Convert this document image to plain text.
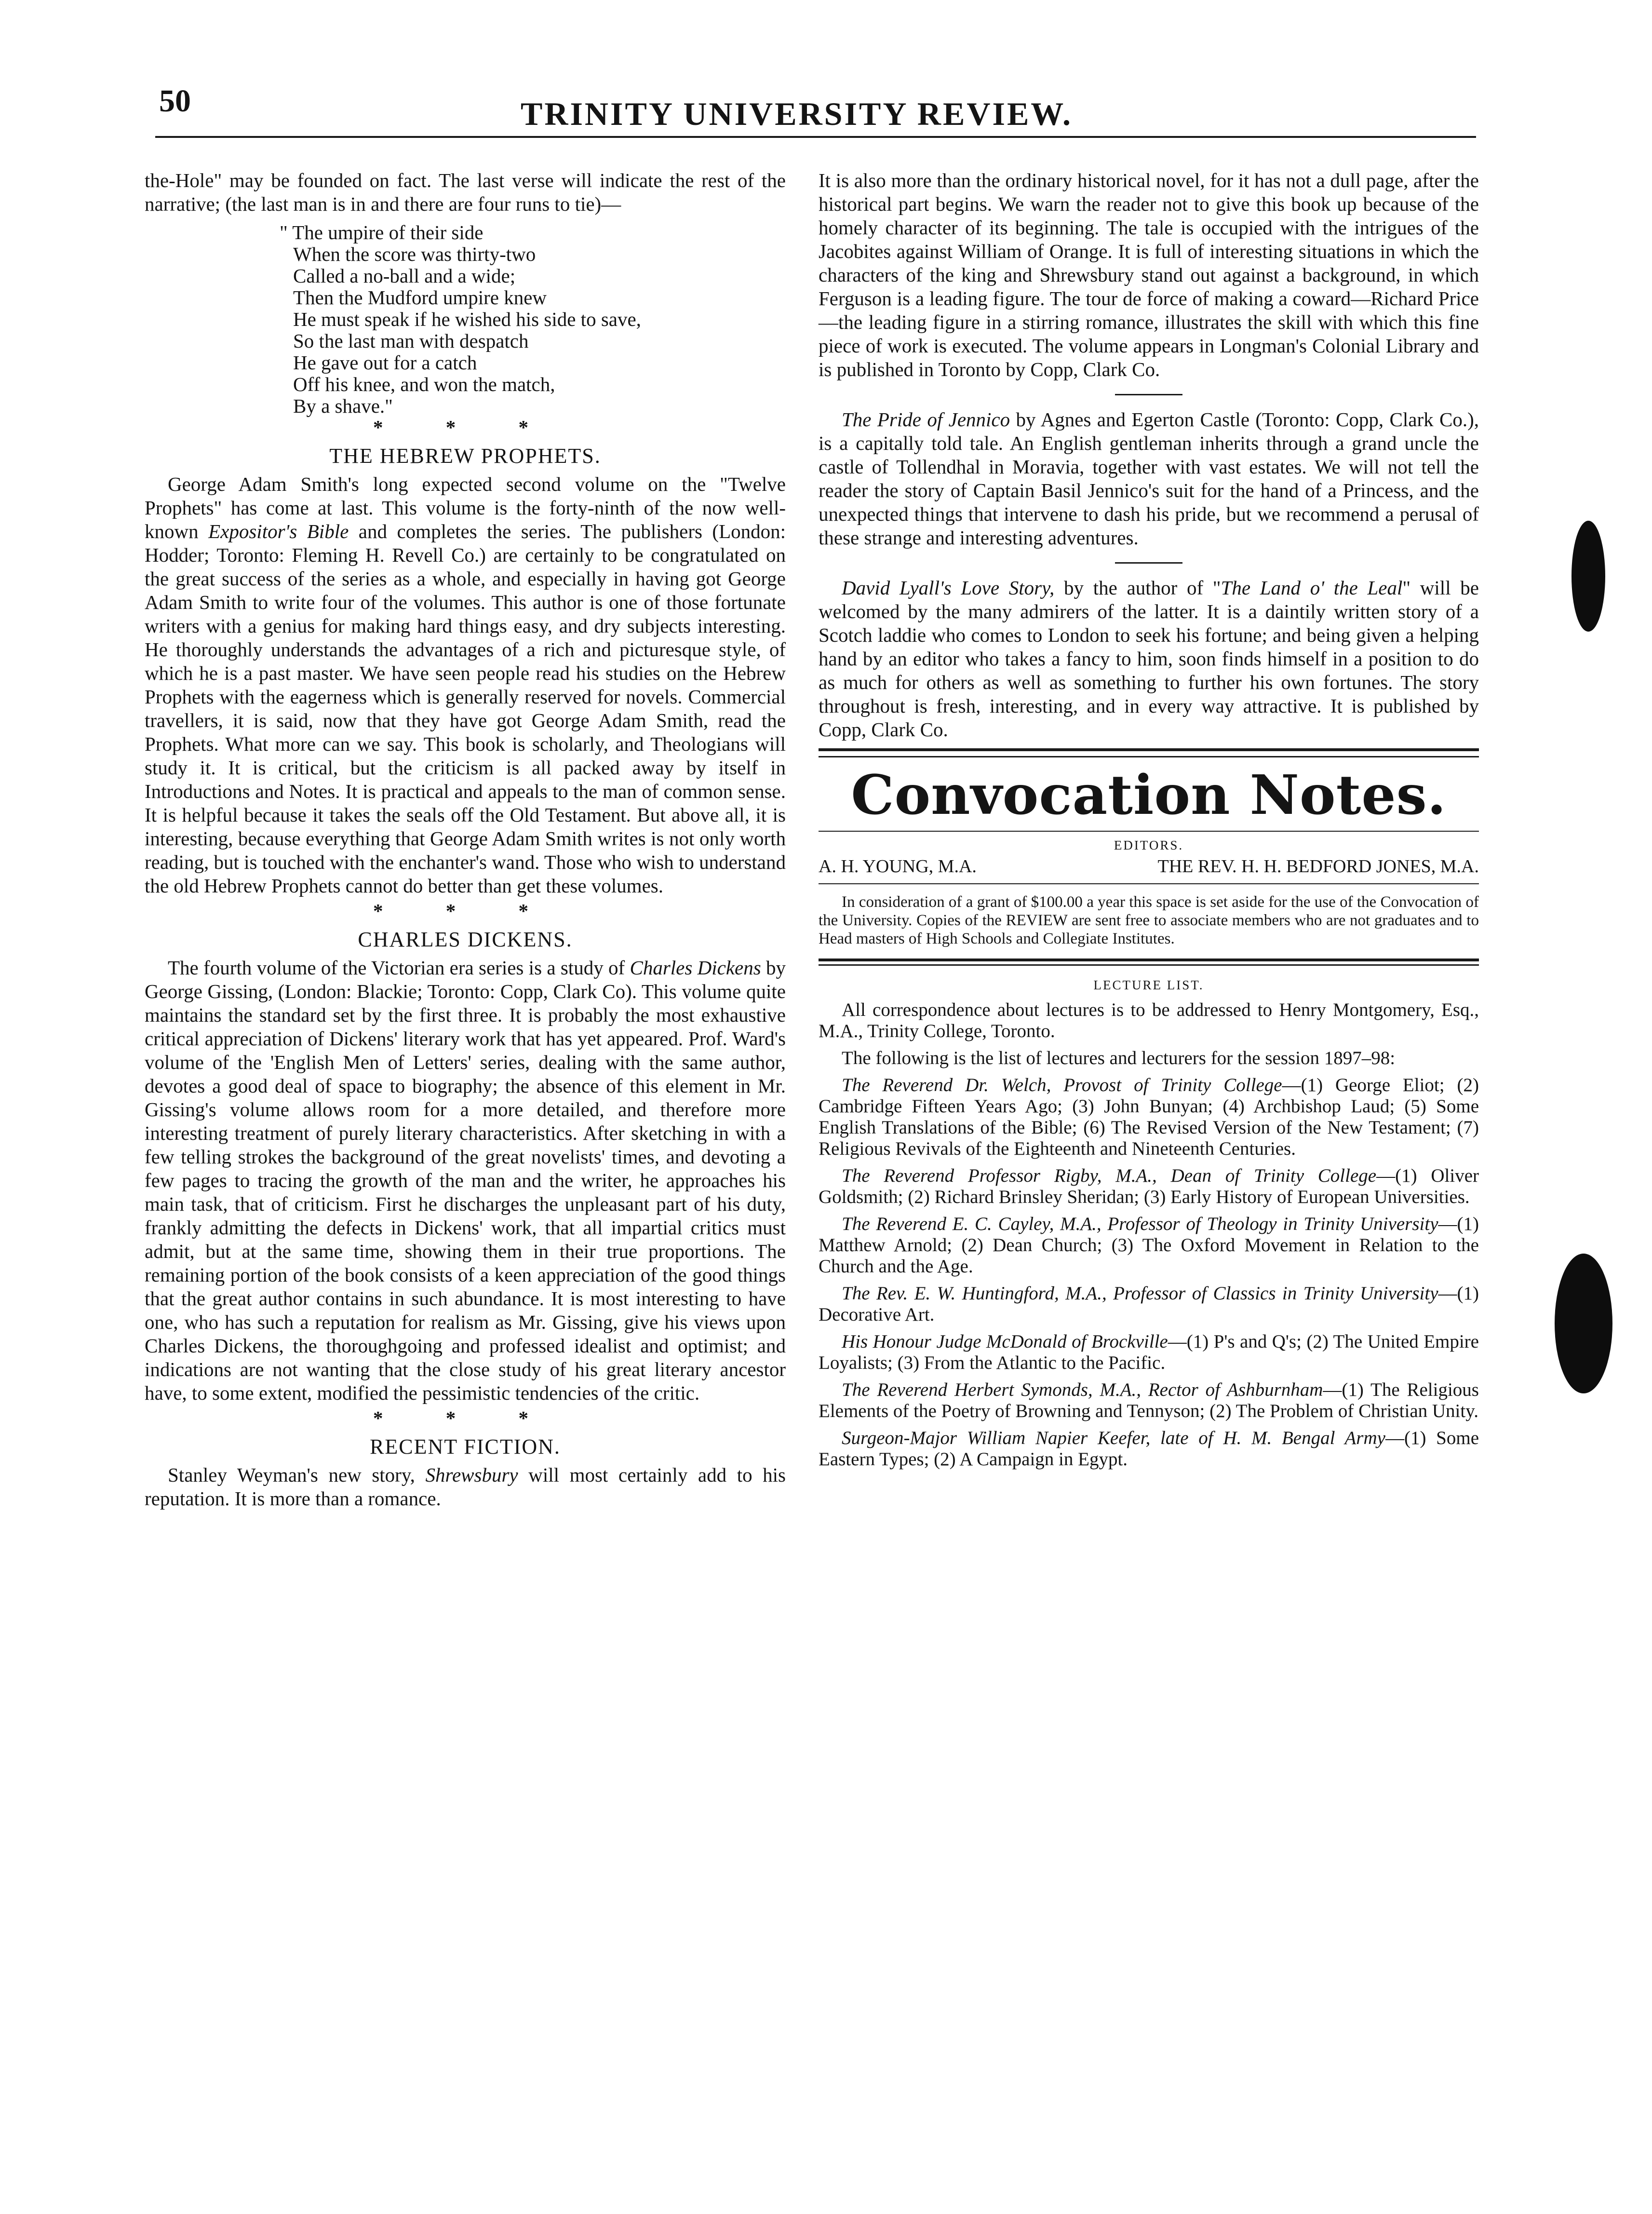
50	TRINITY UNIVERSITY REVIEW.

the-Hole" may be founded on fact. The last verse will indicate the rest of the narrative; (the last man is in and there are four runs to tie)—

" The umpire of their side
When the score was thirty-two
Called a no-ball and a wide;
Then the Mudford umpire knew
He must speak if he wished his side to save,
So the last man with despatch
He gave out for a catch
Off his knee, and won the match,
By a shave."
* * *
THE HEBREW PROPHETS.

George Adam Smith's long expected second volume on the "Twelve Prophets" has come at last. This volume is the forty-ninth of the now well-known Expositor's Bible and completes the series. The publishers (London: Hodder; Toronto: Fleming H. Revell Co.) are certainly to be congratulated on the great success of the series as a whole, and especially in having got George Adam Smith to write four of the volumes. This author is one of those fortunate writers with a genius for making hard things easy, and dry subjects interesting. He thoroughly understands the advantages of a rich and picturesque style, of which he is a past master. We have seen people read his studies on the Hebrew Prophets with the eagerness which is generally reserved for novels. Commercial travellers, it is said, now that they have got George Adam Smith, read the Prophets. What more can we say. This book is scholarly, and Theologians will study it. It is critical, but the criticism is all packed away by itself in Introductions and Notes. It is practical and appeals to the man of common sense. It is helpful because it takes the seals off the Old Testament. But above all, it is interesting, because everything that George Adam Smith writes is not only worth reading, but is touched with the enchanter's wand. Those who wish to understand the old Hebrew Prophets cannot do better than get these volumes.

* * *
CHARLES DICKENS.

The fourth volume of the Victorian era series is a study of Charles Dickens by George Gissing, (London: Blackie; Toronto: Copp, Clark Co). This volume quite maintains the standard set by the first three. It is probably the most exhaustive critical appreciation of Dickens' literary work that has yet appeared. Prof. Ward's volume of the 'English Men of Letters' series, dealing with the same author, devotes a good deal of space to biography; the absence of this element in Mr. Gissing's volume allows room for a more detailed, and therefore more interesting treatment of purely literary characteristics. After sketching in with a few telling strokes the background of the great novelists' times, and devoting a few pages to tracing the growth of the man and the writer, he approaches his main task, that of criticism. First he discharges the unpleasant part of his duty, frankly admitting the defects in Dickens' work, that all impartial critics must admit, but at the same time, showing them in their true proportions. The remaining portion of the book consists of a keen appreciation of the good things that the great author contains in such abundance. It is most interesting to have one, who has such a reputation for realism as Mr. Gissing, give his views upon Charles Dickens, the thoroughgoing and professed idealist and optimist; and indications are not wanting that the close study of his great literary ancestor have, to some extent, modified the pessimistic tendencies of the critic.

* * *
RECENT FICTION.

Stanley Weyman's new story, Shrewsbury will most certainly add to his reputation. It is more than a romance.

It is also more than the ordinary historical novel, for it has not a dull page, after the historical part begins. We warn the reader not to give this book up because of the homely character of its beginning. The tale is occupied with the intrigues of the Jacobites against William of Orange. It is full of interesting situations in which the characters of the king and Shrewsbury stand out against a background, in which Ferguson is a leading figure. The tour de force of making a coward—Richard Price—the leading figure in a stirring romance, illustrates the skill with which this fine piece of work is executed. The volume appears in Longman's Colonial Library and is published in Toronto by Copp, Clark Co.

The Pride of Jennico by Agnes and Egerton Castle (Toronto: Copp, Clark Co.), is a capitally told tale. An English gentleman inherits through a grand uncle the castle of Tollendhal in Moravia, together with vast estates. We will not tell the reader the story of Captain Basil Jennico's suit for the hand of a Princess, and the unexpected things that intervene to dash his pride, but we recommend a perusal of these strange and interesting adventures.

David Lyall's Love Story, by the author of "The Land o' the Leal" will be welcomed by the many admirers of the latter. It is a daintily written story of a Scotch laddie who comes to London to seek his fortune; and being given a helping hand by an editor who takes a fancy to him, soon finds himself in a position to do as much for others as well as something to further his own fortunes. The story throughout is fresh, interesting, and in every way attractive. It is published by Copp, Clark Co.

Convocation Notes.
EDITORS.
A. H. YOUNG, M.A.	THE REV. H. H. BEDFORD JONES, M.A.

In consideration of a grant of $100.00 a year this space is set aside for the use of the Convocation of the University. Copies of the REVIEW are sent free to associate members who are not graduates and to Head masters of High Schools and Collegiate Institutes.

LECTURE LIST.

All correspondence about lectures is to be addressed to Henry Montgomery, Esq., M.A., Trinity College, Toronto.

The following is the list of lectures and lecturers for the session 1897–98:

The Reverend Dr. Welch, Provost of Trinity College—(1) George Eliot; (2) Cambridge Fifteen Years Ago; (3) John Bunyan; (4) Archbishop Laud; (5) Some English Translations of the Bible; (6) The Revised Version of the New Testament; (7) Religious Revivals of the Eighteenth and Nineteenth Centuries.

The Reverend Professor Rigby, M.A., Dean of Trinity College—(1) Oliver Goldsmith; (2) Richard Brinsley Sheridan; (3) Early History of European Universities.

The Reverend E. C. Cayley, M.A., Professor of Theology in Trinity University—(1) Matthew Arnold; (2) Dean Church; (3) The Oxford Movement in Relation to the Church and the Age.

The Rev. E. W. Huntingford, M.A., Professor of Classics in Trinity University—(1) Decorative Art.

His Honour Judge McDonald of Brockville—(1) P's and Q's; (2) The United Empire Loyalists; (3) From the Atlantic to the Pacific.

The Reverend Herbert Symonds, M.A., Rector of Ashburnham—(1) The Religious Elements of the Poetry of Browning and Tennyson; (2) The Problem of Christian Unity.

Surgeon-Major William Napier Keefer, late of H. M. Bengal Army—(1) Some Eastern Types; (2) A Campaign in Egypt.
